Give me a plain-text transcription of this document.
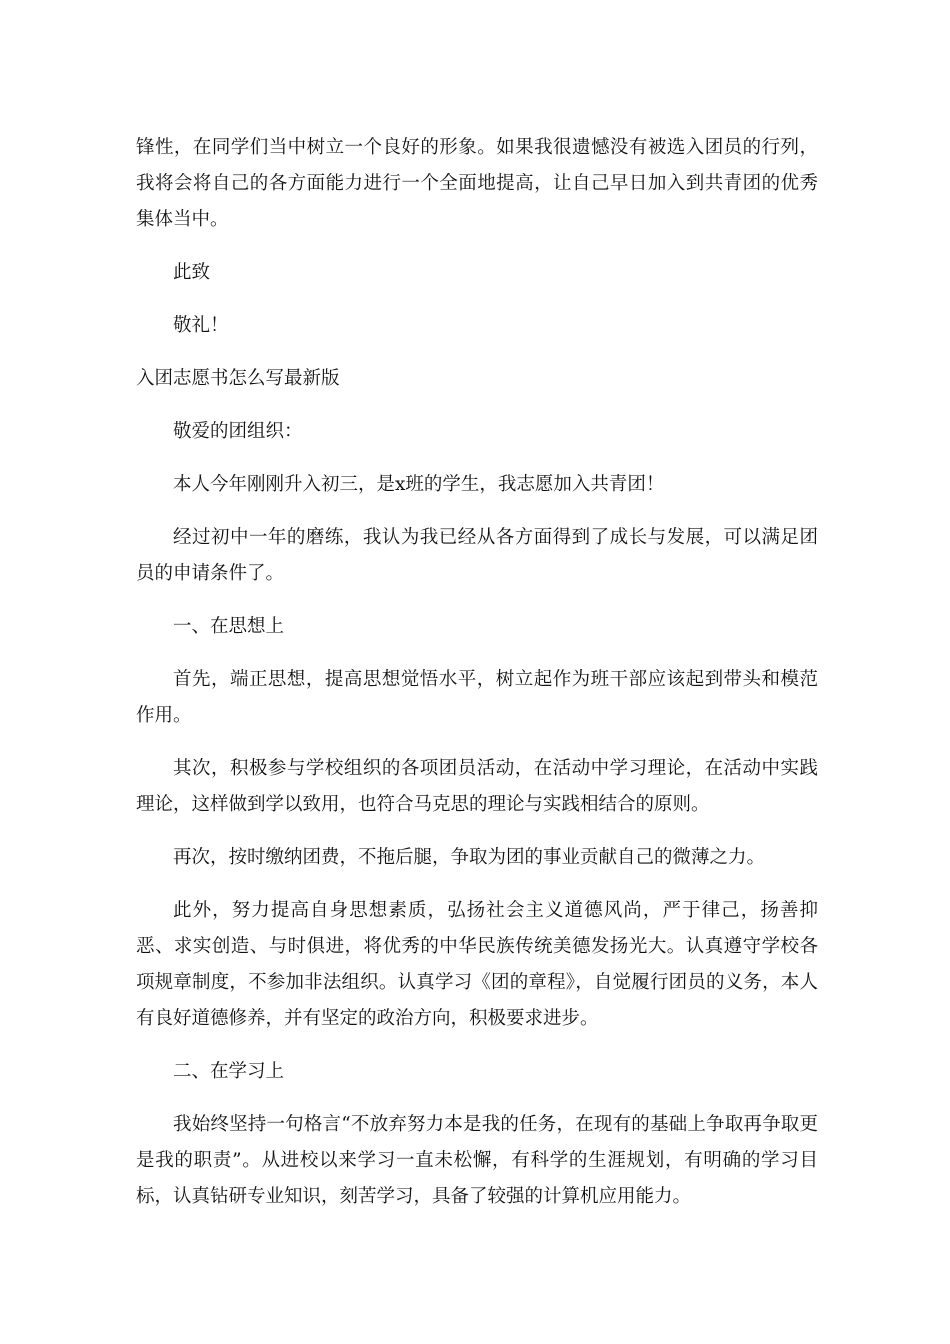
锋性，在同学们当中树立一个良好的形象。如果我很遗憾没有被选入团员的行列，我将会将自己的各方面能力进行一个全面地提高，让自己早日加入到共青团的优秀集体当中。

此致

敬礼！

入团志愿书怎么写最新版

敬爱的团组织：

本人今年刚刚升入初三，是x班的学生，我志愿加入共青团！

经过初中一年的磨练，我认为我已经从各方面得到了成长与发展，可以满足团员的申请条件了。

一、在思想上

首先，端正思想，提高思想觉悟水平，树立起作为班干部应该起到带头和模范作用。

其次，积极参与学校组织的各项团员活动，在活动中学习理论，在活动中实践理论，这样做到学以致用，也符合马克思的理论与实践相结合的原则。

再次，按时缴纳团费，不拖后腿，争取为团的事业贡献自己的微薄之力。

此外，努力提高自身思想素质，弘扬社会主义道德风尚，严于律己，扬善抑恶、求实创造、与时俱进，将优秀的中华民族传统美德发扬光大。认真遵守学校各项规章制度，不参加非法组织。认真学习《团的章程》，自觉履行团员的义务，本人有良好道德修养，并有坚定的政治方向，积极要求进步。

二、在学习上

我始终坚持一句格言“不放弃努力本是我的任务，在现有的基础上争取再争取更是我的职责”。从进校以来学习一直未松懈，有科学的生涯规划，有明确的学习目标，认真钻研专业知识，刻苦学习，具备了较强的计算机应用能力。
